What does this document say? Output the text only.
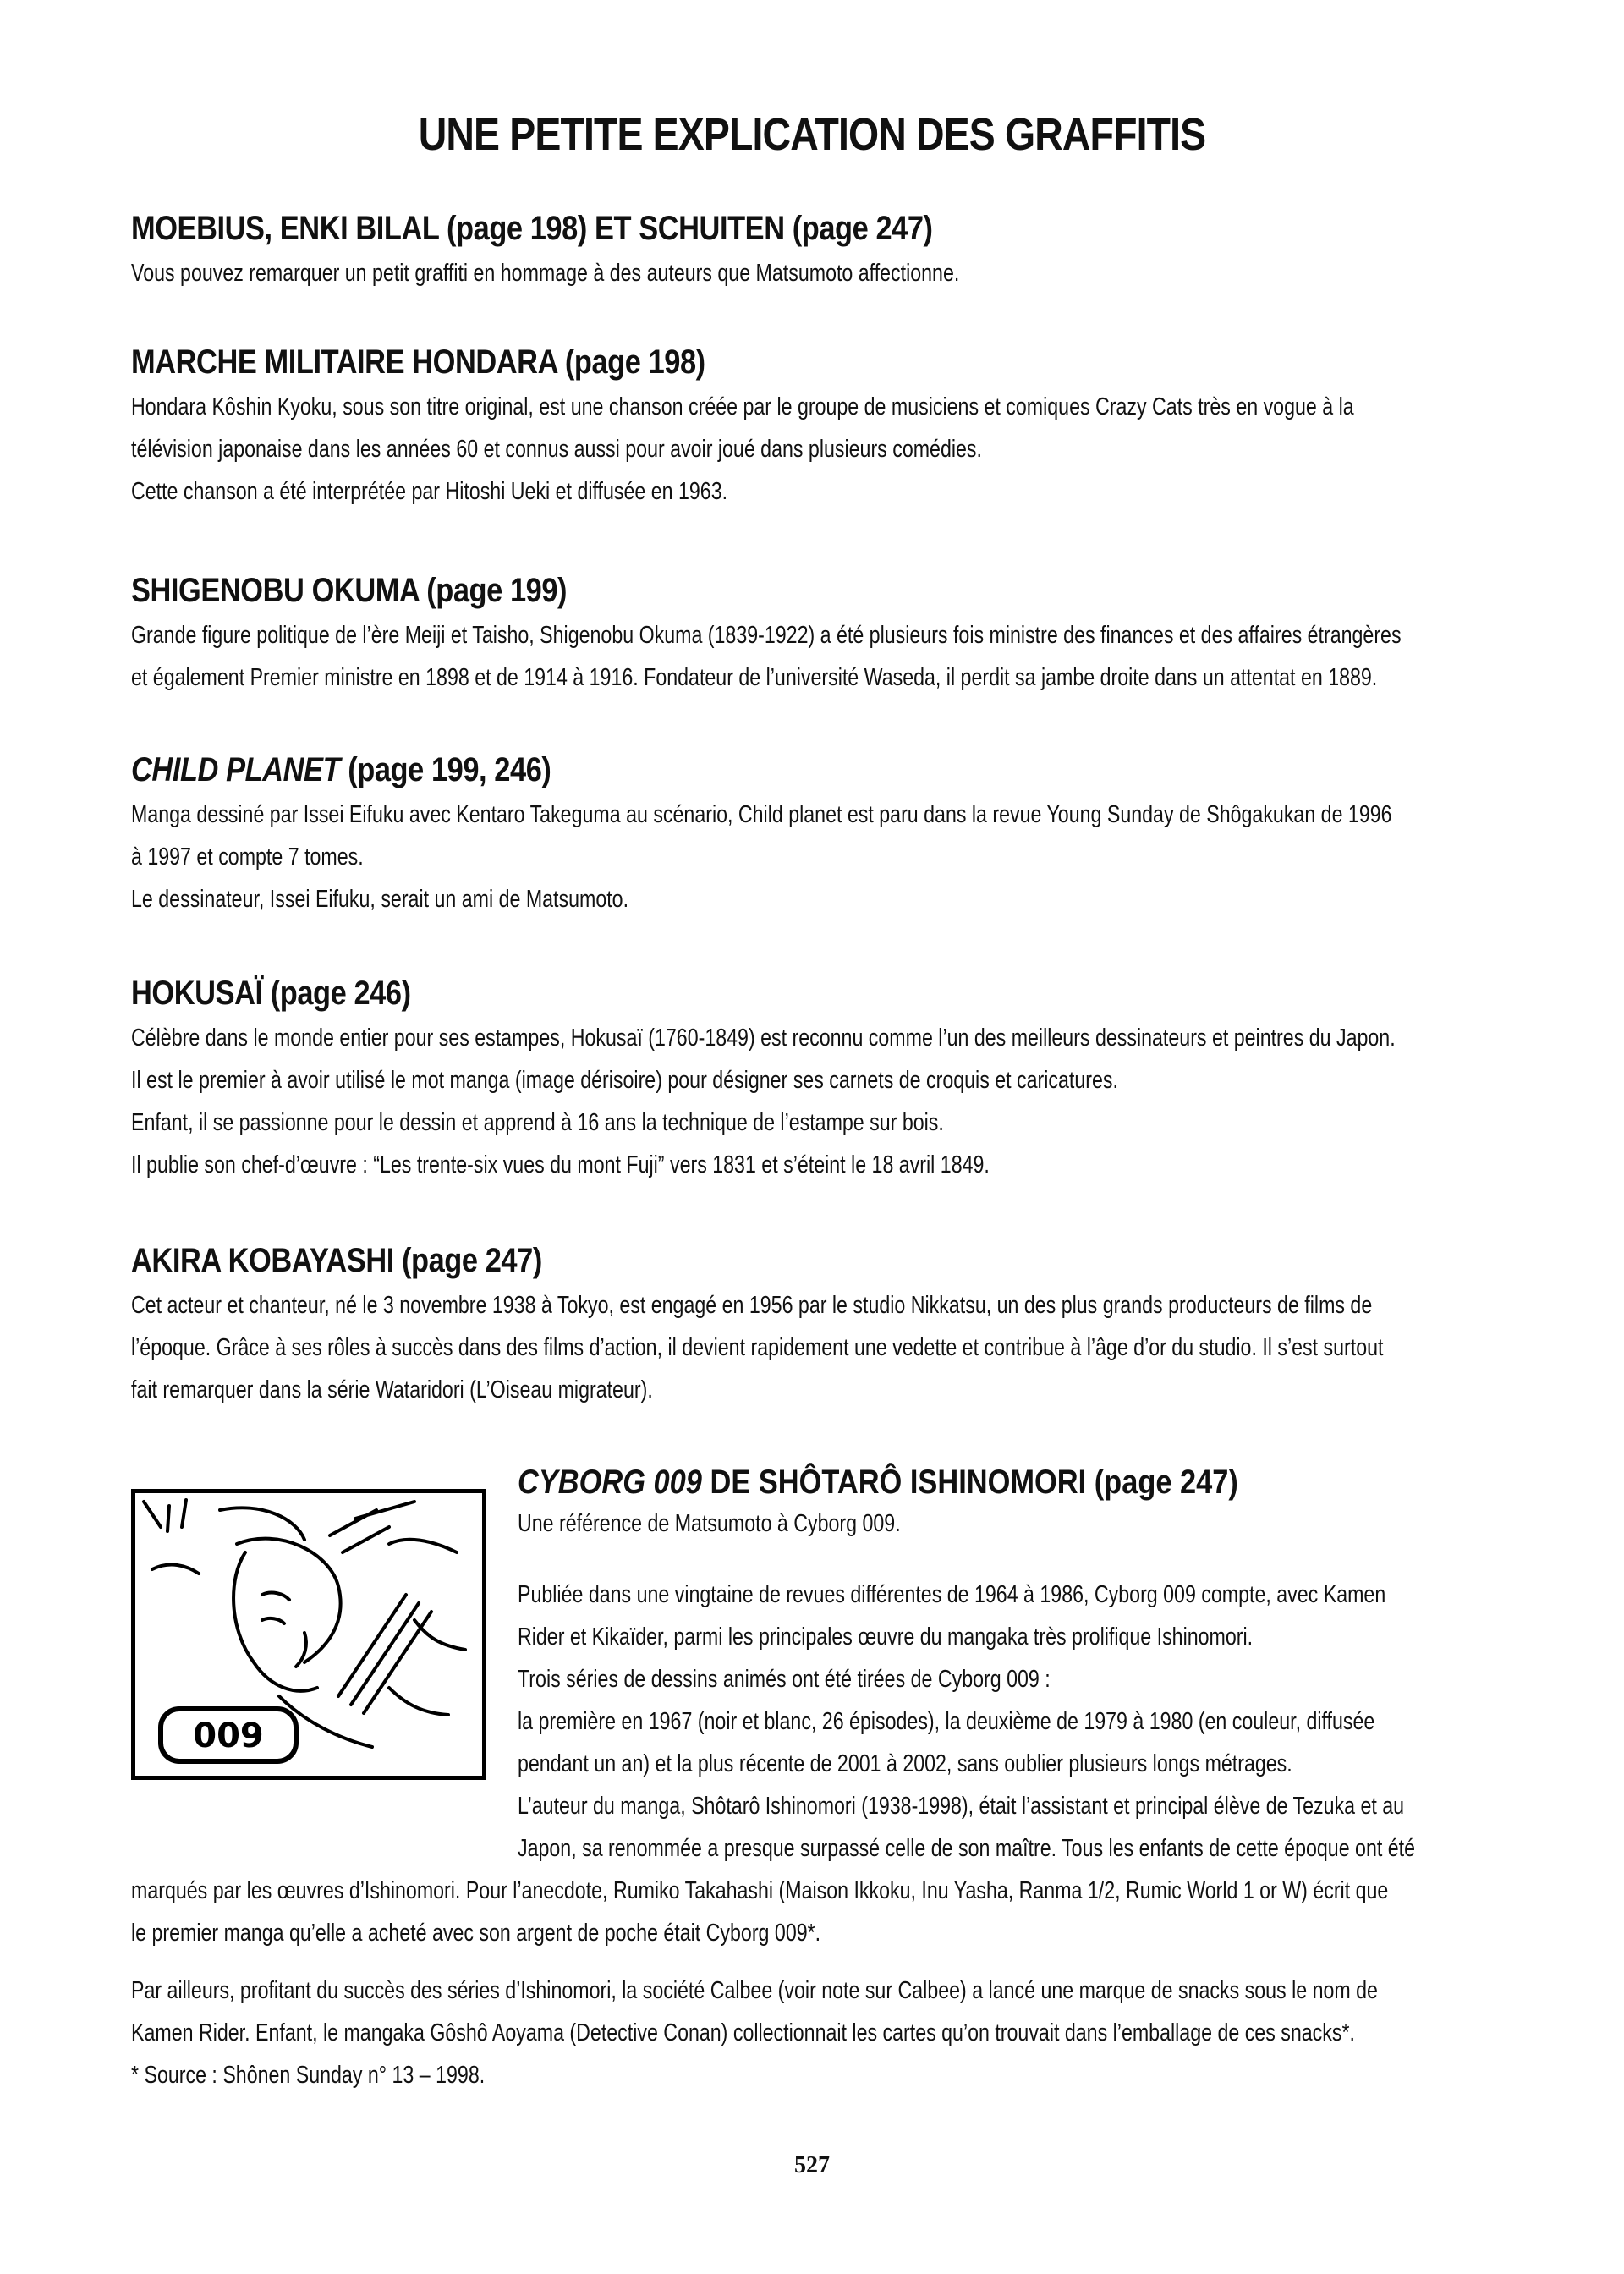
UNE PETITE EXPLICATION DES GRAFFITIS
MOEBIUS, ENKI BILAL (page 198) ET SCHUITEN (page 247)
Vous pouvez remarquer un petit graffiti en hommage à des auteurs que Matsumoto affectionne.
MARCHE MILITAIRE HONDARA (page 198)
Hondara Kôshin Kyoku, sous son titre original, est une chanson créée par le groupe de musiciens et comiques Crazy Cats très en vogue à la
télévision japonaise dans les années 60 et connus aussi pour avoir joué dans plusieurs comédies.
Cette chanson a été interprétée par Hitoshi Ueki et diffusée en 1963.
SHIGENOBU OKUMA (page 199)
Grande figure politique de l’ère Meiji et Taisho, Shigenobu Okuma (1839-1922) a été plusieurs fois ministre des finances et des affaires étrangères
et également Premier ministre en 1898 et de 1914 à 1916. Fondateur de l’université Waseda, il perdit sa jambe droite dans un attentat en 1889.
CHILD PLANET (page 199, 246)
Manga dessiné par Issei Eifuku avec Kentaro Takeguma au scénario, Child planet est paru dans la revue Young Sunday de Shôgakukan de 1996
à 1997 et compte 7 tomes.
Le dessinateur, Issei Eifuku, serait un ami de Matsumoto.
HOKUSAÏ (page 246)
Célèbre dans le monde entier pour ses estampes, Hokusaï (1760-1849) est reconnu comme l’un des meilleurs dessinateurs et peintres du Japon.
Il est le premier à avoir utilisé le mot manga (image dérisoire) pour désigner ses carnets de croquis et caricatures.
Enfant, il se passionne pour le dessin et apprend à 16 ans la technique de l’estampe sur bois.
Il publie son chef-d’œuvre : “Les trente-six vues du mont Fuji” vers 1831 et s’éteint le 18 avril 1849.
AKIRA KOBAYASHI (page 247)
Cet acteur et chanteur, né le 3 novembre 1938 à Tokyo, est engagé en 1956 par le studio Nikkatsu, un des plus grands producteurs de films de
l’époque. Grâce à ses rôles à succès dans des films d’action, il devient rapidement une vedette et contribue à l’âge d’or du studio. Il s’est surtout
fait remarquer dans la série Wataridori (L’Oiseau migrateur).
009
CYBORG 009 DE SHÔTARÔ ISHINOMORI (page 247)
Une référence de Matsumoto à Cyborg 009.
Publiée dans une vingtaine de revues différentes de 1964 à 1986, Cyborg 009 compte, avec Kamen
Rider et Kikaïder, parmi les principales œuvre du mangaka très prolifique Ishinomori.
Trois séries de dessins animés ont été tirées de Cyborg 009 :
la première en 1967 (noir et blanc, 26 épisodes), la deuxième de 1979 à 1980 (en couleur, diffusée
pendant un an) et la plus récente de 2001 à 2002, sans oublier plusieurs longs métrages.
L’auteur du manga, Shôtarô Ishinomori (1938-1998), était l’assistant et principal élève de Tezuka et au
Japon, sa renommée a presque surpassé celle de son maître. Tous les enfants de cette époque ont été
marqués par les œuvres d’Ishinomori. Pour l’anecdote, Rumiko Takahashi (Maison Ikkoku, Inu Yasha, Ranma 1/2, Rumic World 1 or W) écrit que
le premier manga qu’elle a acheté avec son argent de poche était Cyborg 009*.
Par ailleurs, profitant du succès des séries d’Ishinomori, la société Calbee (voir note sur Calbee) a lancé une marque de snacks sous le nom de
Kamen Rider. Enfant, le mangaka Gôshô Aoyama (Detective Conan) collectionnait les cartes qu’on trouvait dans l’emballage de ces snacks*.
* Source : Shônen Sunday n° 13 – 1998.
527
